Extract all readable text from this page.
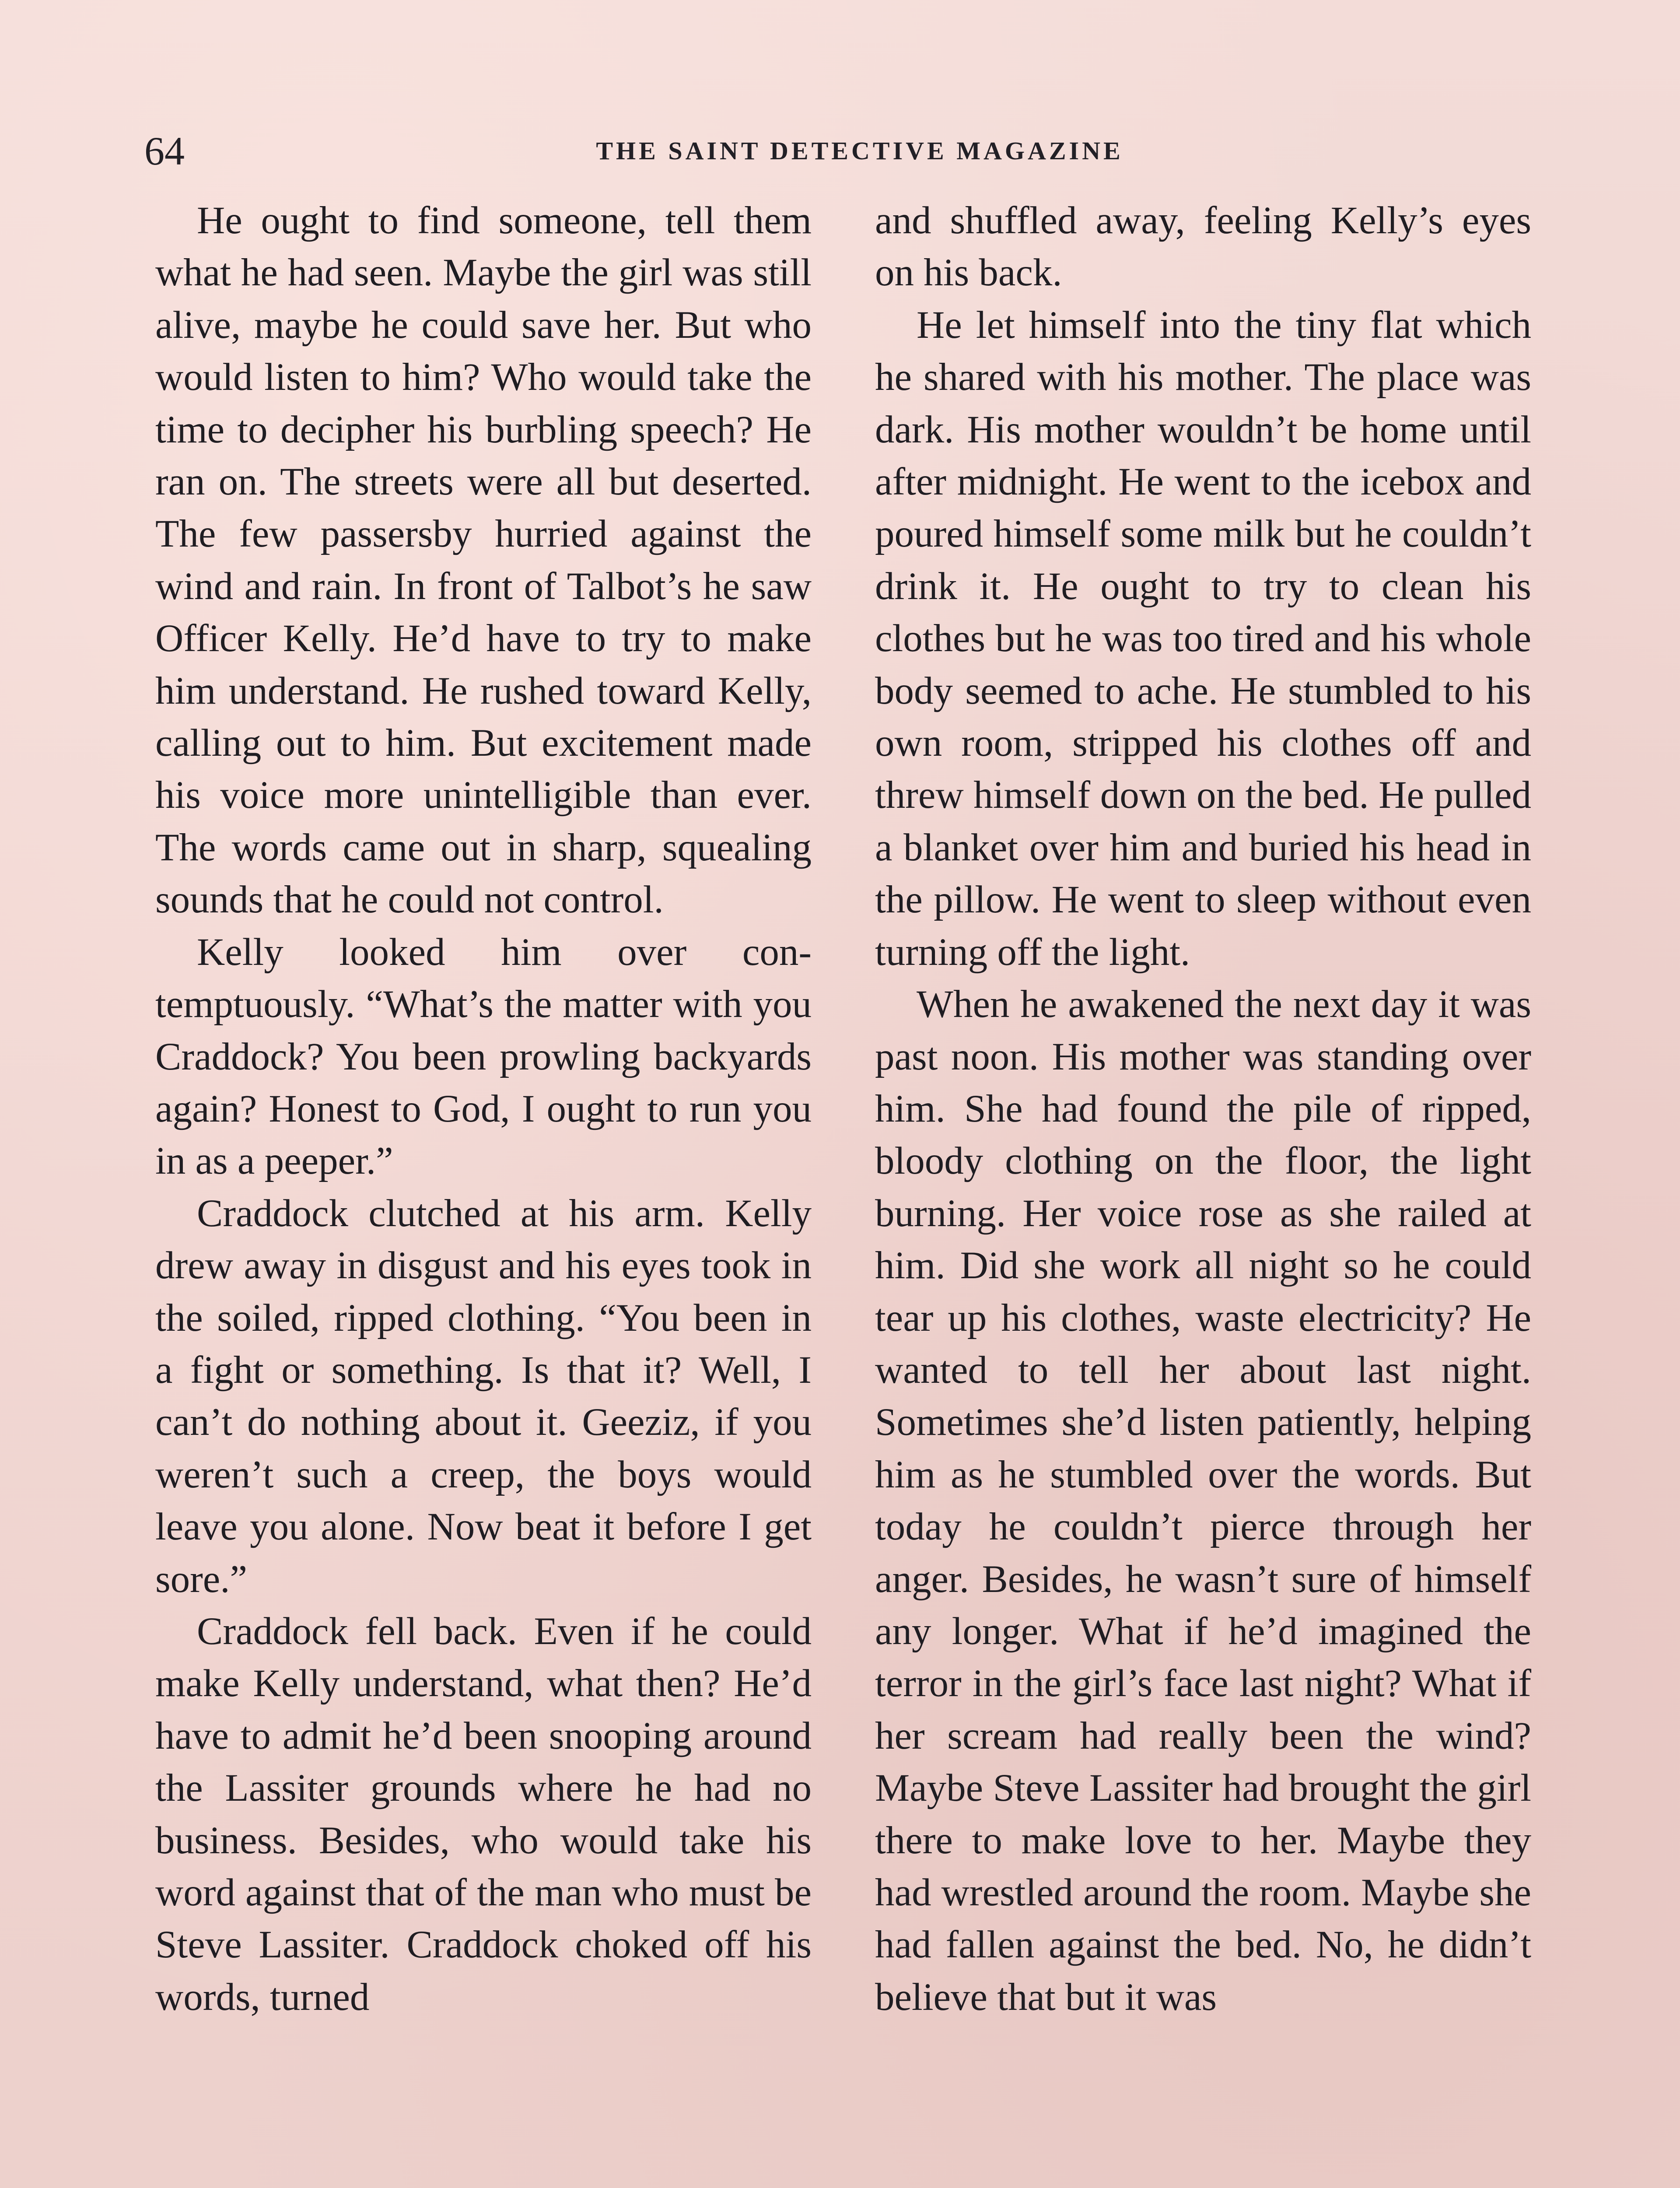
64	THE SAINT DETECTIVE MAGAZINE

He ought to find someone, tell them what he had seen. Maybe the girl was still alive, maybe he could save her. But who would listen to him? Who would take the time to decipher his burbling speech? He ran on. The streets were all but deserted. The few passersby hurried against the wind and rain. In front of Talbot’s he saw Officer Kelly. He’d have to try to make him understand. He rushed toward Kelly, calling out to him. But excitement made his voice more unintelligible than ever. The words came out in sharp, squealing sounds that he could not control.

Kelly looked him over contemptuously. “What’s the matter with you Craddock? You been prowling backyards again? Honest to God, I ought to run you in as a peeper.”

Craddock clutched at his arm. Kelly drew away in disgust and his eyes took in the soiled, ripped clothing. “You been in a fight or something. Is that it? Well, I can’t do nothing about it. Geeziz, if you weren’t such a creep, the boys would leave you alone. Now beat it before I get sore.”

Craddock fell back. Even if he could make Kelly understand, what then? He’d have to admit he’d been snooping around the Lassiter grounds where he had no business. Besides, who would take his word against that of the man who must be Steve Lassiter. Craddock choked off his words, turned

and shuffled away, feeling Kelly’s eyes on his back.

He let himself into the tiny flat which he shared with his mother. The place was dark. His mother wouldn’t be home until after midnight. He went to the icebox and poured himself some milk but he couldn’t drink it. He ought to try to clean his clothes but he was too tired and his whole body seemed to ache. He stumbled to his own room, stripped his clothes off and threw himself down on the bed. He pulled a blanket over him and buried his head in the pillow. He went to sleep without even turning off the light.

When he awakened the next day it was past noon. His mother was standing over him. She had found the pile of ripped, bloody clothing on the floor, the light burning. Her voice rose as she railed at him. Did she work all night so he could tear up his clothes, waste electricity? He wanted to tell her about last night. Sometimes she’d listen patiently, helping him as he stumbled over the words. But today he couldn’t pierce through her anger. Besides, he wasn’t sure of himself any longer. What if he’d imagined the terror in the girl’s face last night? What if her scream had really been the wind? Maybe Steve Lassiter had brought the girl there to make love to her. Maybe they had wrestled around the room. Maybe she had fallen against the bed. No, he didn’t believe that but it was
